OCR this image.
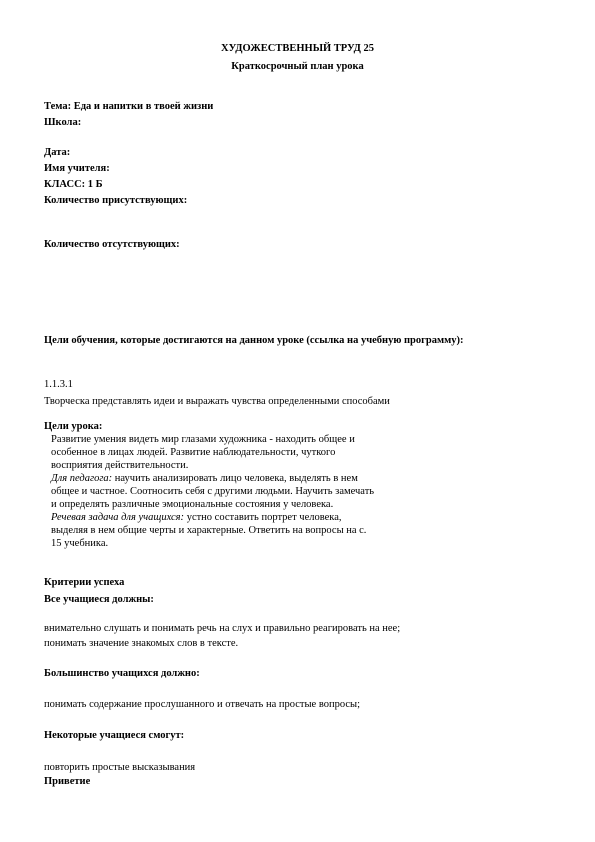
ХУДОЖЕСТВЕННЫЙ ТРУД 25
Краткосрочный план урока
Тема: Еда и напитки в твоей жизни
Школа:
Дата:
Имя учителя:
КЛАСС: 1 Б
Количество присутствующих:
Количество отсутствующих:
Цели обучения, которые достигаются на данном уроке (ссылка на учебную программу):
1.1.3.1
Творческа представлять идеи и выражать чувства определенными способами
Цели урока:
Развитие умения видеть мир глазами художника - находить общее и
особенное в лицах людей. Развитие наблюдательности, чуткого
восприятия действительности.
Для педагога: научить анализировать лицо человека, выделять в нем
общее и частное. Соотносить себя с другими людьми. Научить замечать
и определять различные эмоциональные состояния у человека.
Речевая задача для учащихся: устно составить портрет человека,
выделяя в нем общие черты и характерные. Ответить на вопросы на с.
15 учебника.
Критерии успеха
Все учащиеся должны:
внимательно слушать и понимать речь на слух и правильно реагировать на нее;
понимать значение знакомых слов в тексте.
Большинство учащихся должно:
понимать содержание прослушанного и отвечать на простые вопросы;
Некоторые учащиеся смогут:
повторить простые высказывания
Приветие
